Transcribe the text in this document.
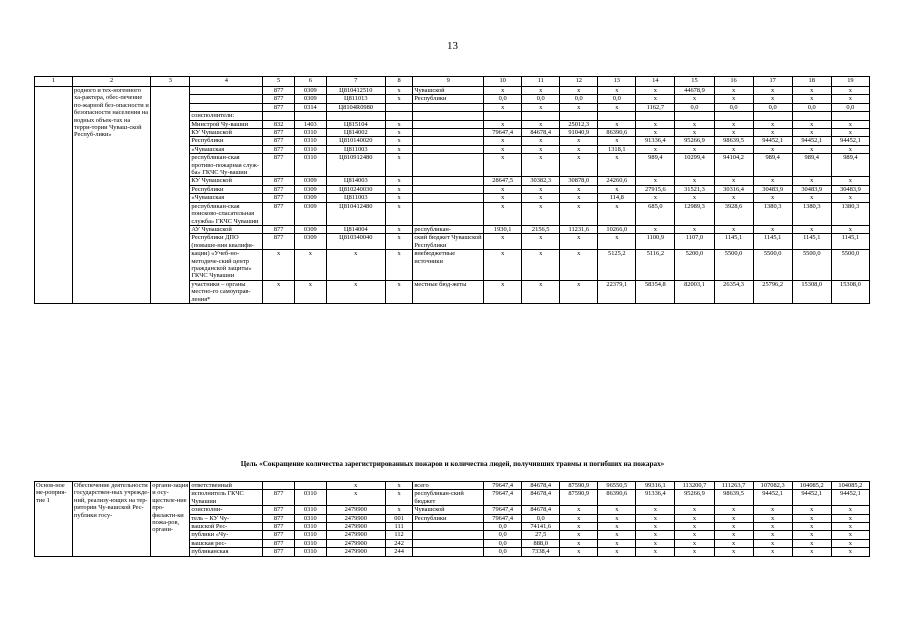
13
1	2	3	4	5	6	7	8	9	10	11	12	13	14	15	16	17	18	19
	родного и тех-ногенного ха-рактера, обес-печение по-жарной без-опасности и безопасности населения на водных объек-тах на терри-тории Чуваш-ской Респуб-лики»			877	0309	Ц810412510	x	Чувашской	x	x	x	x	x	44678,9	x	x	x	x
				877	0309	Ц811013	x	Республики	0,0	0,0	0,0	0,0	x	x	x	x	x	x
				877	0314	Ц8104R0980			x	x	x	x	1162,7	0,0	0,0	0,0	0,0	0,0
			соисполнители:															
			Минстрой Чу-вашии	832	1403	Ц815104	x		x	x	25012,3	x	x	x	x	x	x	x
			КУ Чувашской	877	0310	Ц814002	x		79647,4	84678,4	91040,9	86390,6	x	x	x	x	x	x
			Республики	877	0310	Ц810140020	x		x	x	x	x	91336,4	95266,9	98639,5	94452,1	94452,1	94452,1
			«Чувашская	877	0310	Ц811003	x		x	x	x	1318,1	x	x	x	x	x	x
			республикан-ская противо-пожарная служ-ба» ГКЧС Чу-вашии	877	0310	Ц810912480	x		x	x	x	x	989,4	10299,4	94104,2	989,4	989,4	989,4
			КУ Чувашской	877	0309	Ц814003	x		28647,5	30382,3	30878,0	24260,6	x	x	x	x	x	x
			Республики	877	0309	Ц810240030	x		x	x	x	x	27915,6	31521,3	30316,4	30483,9	30483,9	30483,9
			«Чувашская	877	0309	Ц811003	x		x	x	x	114,8	x	x	x	x	x	x
			республикан-ская поисково-спасательная служба» ГКЧС Чувашии	877	0309	Ц810412480	x		x	x	x	x	685,0	12989,3	3928,6	1380,3	1380,3	1380,3
			АУ Чувашской	877	0309	Ц814004	x	республикан-	1930,1	2156,5	11231,6	10266,0	x	x	x	x	x	x
			Республики ДПО (повыше-ния квалифи-	877	0309	Ц810340040	x	ский бюджет Чувашской Республики	x	x	x	x	1100,9	1107,0	1145,1	1145,1	1145,1	1145,1
			кации) «Учеб-но-методиче-ский центр гражданской защиты» ГКЧС Чувашии	x	x	x	x	внебюджетные источники	x	x	x	5125,2	5116,2	5200,0	5500,0	5500,0	5500,0	5500,0
			участники – органы местно-го самоуправ-ления*	x	x	x	x	местные бюд-жеты	x	x	x	22379,1	58354,8	82003,1	26354,3	25796,2	15308,0	15308,0
Цель «Сокращение количества зарегистрированных пожаров и количества людей, получивших травмы и погибших на пожарах»
Основ-ное ме-роприя-тие 1	Обеспечение деятельности государствен-ных учрежде-ний, реализу-ющих на тер-ритории Чу-вашской Рес-публики госу-	органи-зация и осу-ществле-ние про-филакти-ки пожа-ров, органи-	ответственный			x	x	всего	79647,4	84678,4	87590,9	96550,5	99316,1	113200,7	111263,7	107082,3	104085,2	104085,2
			исполнитель ГКЧС Чувашии	877	0310	x	x	республикан-ский бюджет	79647,4	84678,4	87590,9	86390,6	91336,4	95266,9	98639,5	94452,1	94452,1	94452,1
			соисполни-	877	0310	2479900	x	Чувашской	79647,4	84678,4	x	x	x	x	x	x	x	x
			тель – КУ Чу-	877	0310	2479900	001	Республики	79647,4	0,0	x	x	x	x	x	x	x	x
			вашской Рес-	877	0310	2479900	111		0,0	74141,6	x	x	x	x	x	x	x	x
			публики «Чу-	877	0310	2479900	112		0,0	27,5	x	x	x	x	x	x	x	x
			вашская рес-	877	0310	2479900	242		0,0	888,0	x	x	x	x	x	x	x	x
			публиканская	877	0310	2479900	244		0,0	7338,4	x	x	x	x	x	x	x	x
